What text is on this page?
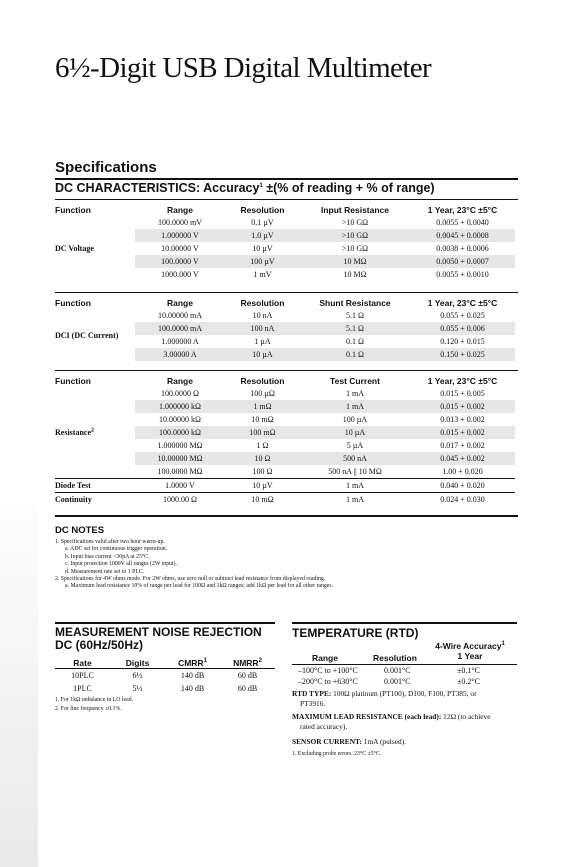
6½-Digit USB Digital Multimeter
Specifications
DC CHARACTERISTICS: Accuracy$^1$ ±(% of reading + % of range)
Function	Range	Resolution	Input Resistance	1 Year, 23°C ±5°C
DC Voltage	100.0000 mV	0.1 µV	>10 GΩ	0.0055 + 0.0040
	1.000000 V	1.0 µV	>10 GΩ	0.0045 + 0.0008
	10.00000 V	10 µV	>10 GΩ	0.0038 + 0.0006
	100.0000 V	100 µV	10 MΩ	0.0050 + 0.0007
	1000.000 V	1 mV	10 MΩ	0.0055 + 0.0010
Function	Range	Resolution	Shunt Resistance	1 Year, 23°C ±5°C
DCI (DC Current)	10.00000 mA	10 nA	5.1 Ω	0.055 + 0.025
	100.0000 mA	100 nA	5.1 Ω	0.055 + 0.006
	1.000000 A	1 µA	0.1 Ω	0.120 + 0.015
	3.00000 A	10 µA	0.1 Ω	0.150 + 0.025
Function	Range	Resolution	Test Current	1 Year, 23°C ±5°C
Resistance$^2$	100.0000 Ω	100 µΩ	1 mA	0.015 + 0.005
	1.000000 kΩ	1 mΩ	1 mA	0.015 + 0.002
	10.00000 kΩ	10 mΩ	100 µA	0.013 + 0.002
	100.0000 kΩ	100 mΩ	10 µA	0.015 + 0.002
	1.000000 MΩ	1 Ω	5 µA	0.017 + 0.002
	10.00000 MΩ	10 Ω	500 nA	0.045 + 0.002
	100.0000 MΩ	100 Ω	500 nA || 10 MΩ	1.00 + 0.020
Diode Test	1.0000 V	10 µV	1 mA	0.040 + 0.020
Continuity	1000.00 Ω	10 mΩ	1 mA	0.024 + 0.030
DC NOTES
1. Specifications valid after two hour warm-up.
a. ADC set for continuous trigger operation.
b. Input bias current <30pA at 25°C.
c. Input protection 1000V all ranges (2W input).
d. Measurement rate set to 1 PLC.
2. Specifications for 4W ohms mode. For 2W ohms, use zero null or subtract lead resistance from displayed reading.
a. Maximum lead resistance 10% of range per lead for 100Ω and 1kΩ ranges; add 1kΩ per lead for all other ranges.
MEASUREMENT NOISE REJECTION
DC (60Hz/50Hz)
Rate	Digits	CMRR$^1$	NMRR$^2$
10PLC	6½	140 dB	60 dB
1PLC	5½	140 dB	60 dB
1. For 1kΩ unbalance in LO lead.
2. For line frequency ±0.1%.
TEMPERATURE (RTD)
4-Wire Accuracy$^1$
1 Year
Range	Resolution
–100°C to +100°C	0.001°C	±0.1°C
–200°C to +630°C	0.001°C	±0.2°C
RTD TYPE: 100Ω platinum (PT100), D100, F100, PT385, or
PT3916.
MAXIMUM LEAD RESISTANCE (each lead): 12Ω (to achieve
rated accuracy).
SENSOR CURRENT: 1mA (pulsed).
1. Excluding probe errors. 23°C ±5°C.
